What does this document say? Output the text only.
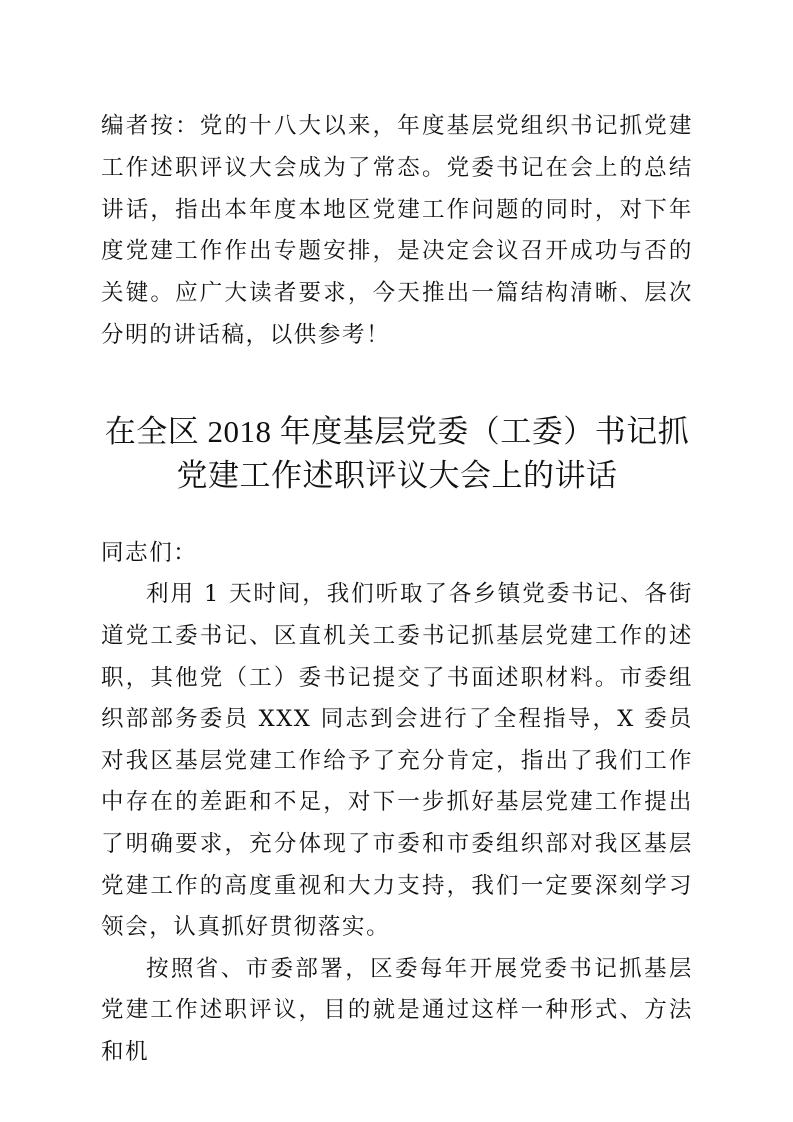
编者按：党的十八大以来，年度基层党组织书记抓党建工作述职评议大会成为了常态。党委书记在会上的总结讲话，指出本年度本地区党建工作问题的同时，对下年度党建工作作出专题安排，是决定会议召开成功与否的关键。应广大读者要求，今天推出一篇结构清晰、层次分明的讲话稿，以供参考！

在全区 2018 年度基层党委（工委）书记抓
党建工作述职评议大会上的讲话

同志们：

利用 1 天时间，我们听取了各乡镇党委书记、各街道党工委书记、区直机关工委书记抓基层党建工作的述职，其他党（工）委书记提交了书面述职材料。市委组织部部务委员 XXX 同志到会进行了全程指导，X 委员对我区基层党建工作给予了充分肯定，指出了我们工作中存在的差距和不足，对下一步抓好基层党建工作提出了明确要求，充分体现了市委和市委组织部对我区基层党建工作的高度重视和大力支持，我们一定要深刻学习领会，认真抓好贯彻落实。

按照省、市委部署，区委每年开展党委书记抓基层党建工作述职评议，目的就是通过这样一种形式、方法和机
